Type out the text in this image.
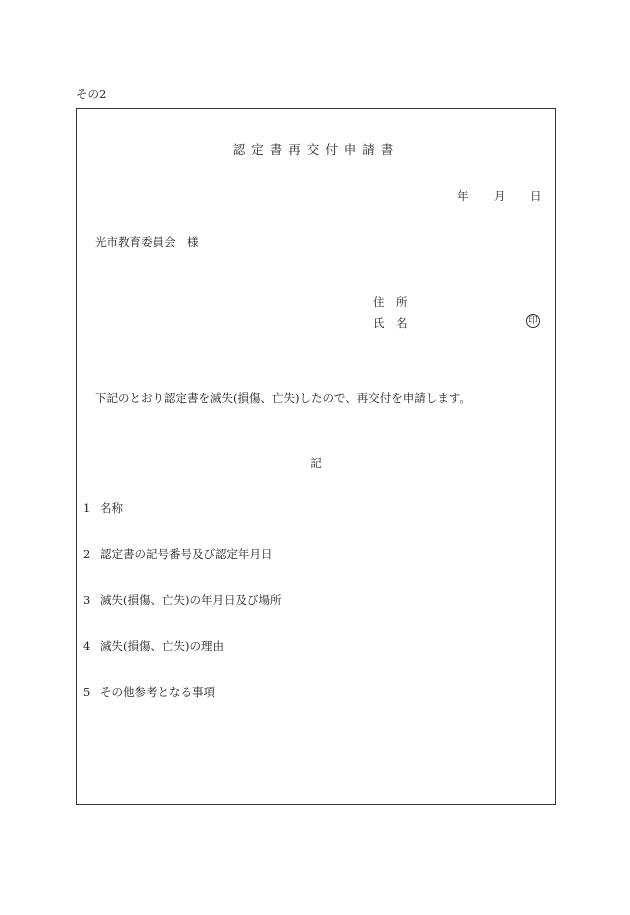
その2
認定書再交付申請書
年 月 日
光市教育委員会　様
住　所
氏　名	印
下記のとおり認定書を滅失(損傷、亡失)したので、再交付を申請します。
記
1 名称
2 認定書の記号番号及び認定年月日
3 滅失(損傷、亡失)の年月日及び場所
4 滅失(損傷、亡失)の理由
5 その他参考となる事項
